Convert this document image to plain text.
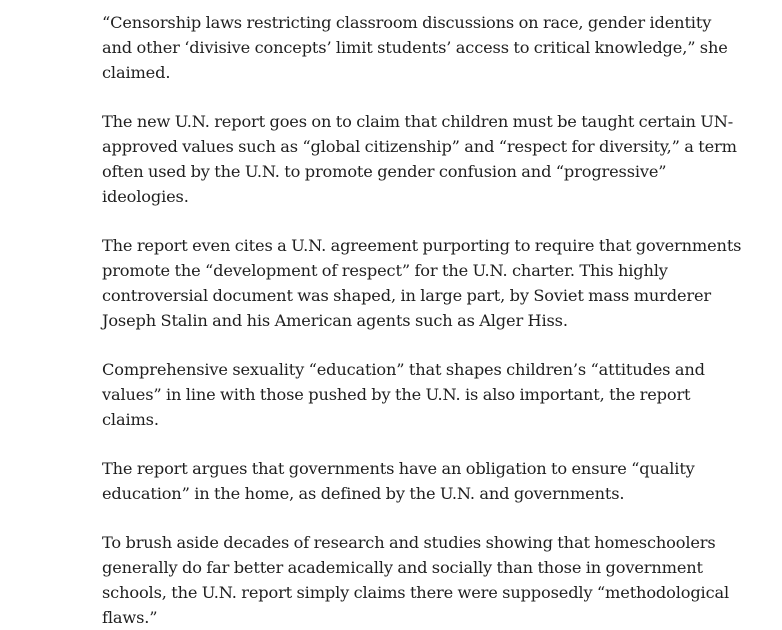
“Censorship laws restricting classroom discussions on race, gender identity and other ‘divisive concepts’ limit students’ access to critical knowledge,” she claimed.

The new U.N. report goes on to claim that children must be taught certain UN-approved values such as “global citizenship” and “respect for diversity,” a term often used by the U.N. to promote gender confusion and “progressive” ideologies.

The report even cites a U.N. agreement purporting to require that governments promote the “development of respect” for the U.N. charter. This highly controversial document was shaped, in large part, by Soviet mass murderer Joseph Stalin and his American agents such as Alger Hiss.

Comprehensive sexuality “education” that shapes children’s “attitudes and values” in line with those pushed by the U.N. is also important, the report claims.

The report argues that governments have an obligation to ensure “quality education” in the home, as defined by the U.N. and governments.

To brush aside decades of research and studies showing that homeschoolers generally do far better academically and socially than those in government schools, the U.N. report simply claims there were supposedly “methodological flaws.”
